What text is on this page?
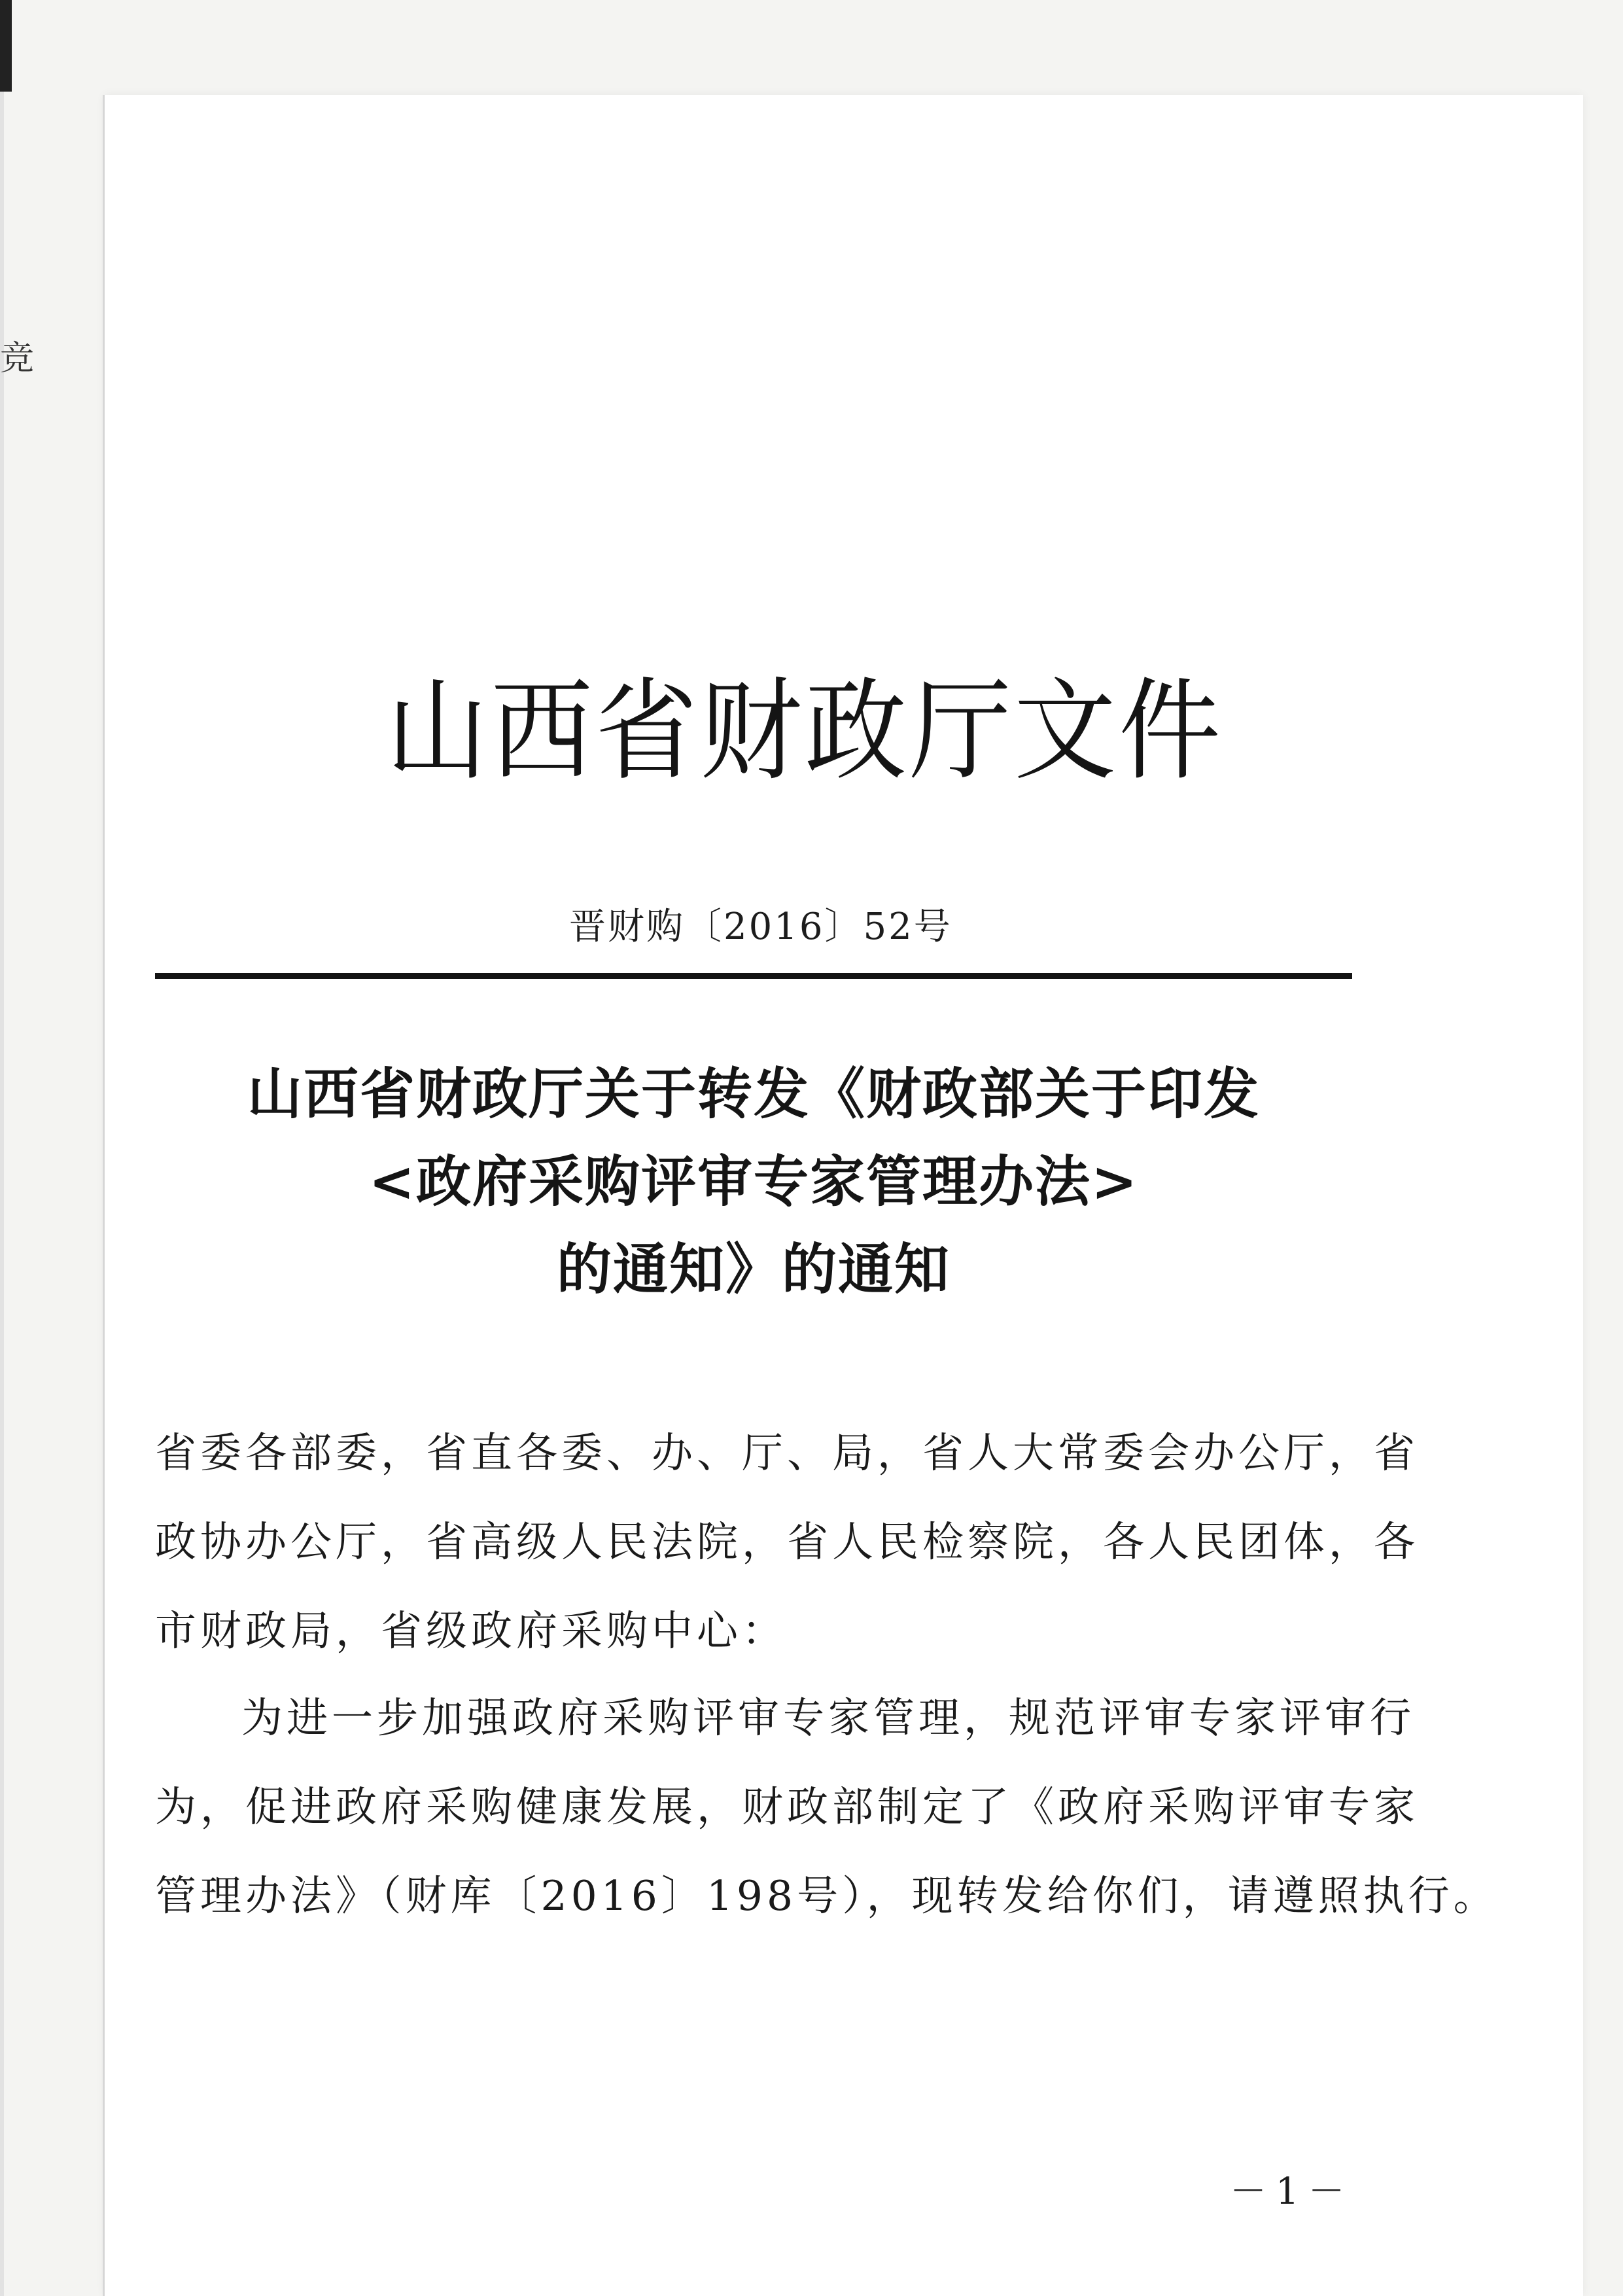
竞
山西省财政厅文件
晋财购〔2016〕52号
山西省财政厅关于转发《财政部关于印发
<政府采购评审专家管理办法>
的通知》的通知
省委各部委，省直各委、办、厅、局，省人大常委会办公厅，省
政协办公厅，省高级人民法院，省人民检察院，各人民团体，各
市财政局，省级政府采购中心：
为进一步加强政府采购评审专家管理，规范评审专家评审行
为，促进政府采购健康发展，财政部制定了《政府采购评审专家
管理办法》（财库〔2016〕198号），现转发给你们，请遵照执行。
－1－
